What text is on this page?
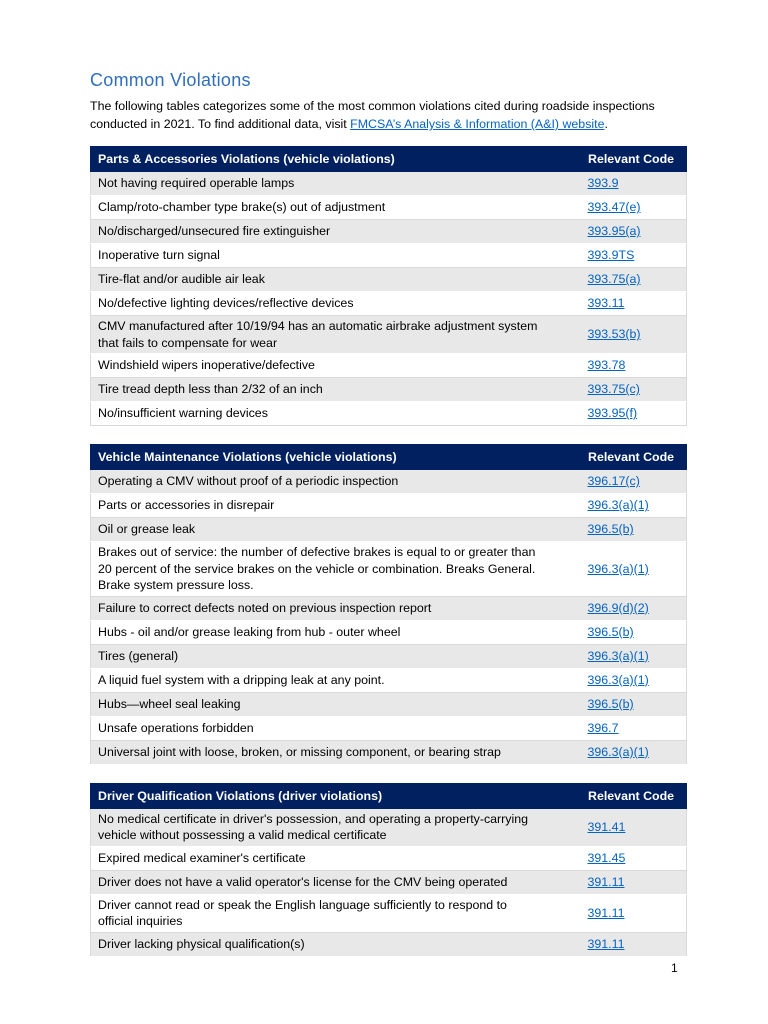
Common Violations

The following tables categorizes some of the most common violations cited during roadside inspections conducted in 2021. To find additional data, visit FMCSA’s Analysis & Information (A&I) website.

Parts & Accessories Violations (vehicle violations)	Relevant Code
Not having required operable lamps	393.9
Clamp/roto-chamber type brake(s) out of adjustment	393.47(e)
No/discharged/unsecured fire extinguisher	393.95(a)
Inoperative turn signal	393.9TS
Tire-flat and/or audible air leak	393.75(a)
No/defective lighting devices/reflective devices	393.11
CMV manufactured after 10/19/94 has an automatic airbrake adjustment system that fails to compensate for wear	393.53(b)
Windshield wipers inoperative/defective	393.78
Tire tread depth less than 2/32 of an inch	393.75(c)
No/insufficient warning devices	393.95(f)
Vehicle Maintenance Violations (vehicle violations)	Relevant Code
Operating a CMV without proof of a periodic inspection	396.17(c)
Parts or accessories in disrepair	396.3(a)(1)
Oil or grease leak	396.5(b)
Brakes out of service: the number of defective brakes is equal to or greater than 20 percent of the service brakes on the vehicle or combination. Breaks General. Brake system pressure loss.	396.3(a)(1)
Failure to correct defects noted on previous inspection report	396.9(d)(2)
Hubs - oil and/or grease leaking from hub - outer wheel	396.5(b)
Tires (general)	396.3(a)(1)
A liquid fuel system with a dripping leak at any point.	396.3(a)(1)
Hubs—wheel seal leaking	396.5(b)
Unsafe operations forbidden	396.7
Universal joint with loose, broken, or missing component, or bearing strap	396.3(a)(1)
Driver Qualification Violations (driver violations)	Relevant Code
No medical certificate in driver's possession, and operating a property-carrying vehicle without possessing a valid medical certificate	391.41
Expired medical examiner's certificate	391.45
Driver does not have a valid operator's license for the CMV being operated	391.11
Driver cannot read or speak the English language sufficiently to respond to official inquiries	391.11
Driver lacking physical qualification(s)	391.11
1
